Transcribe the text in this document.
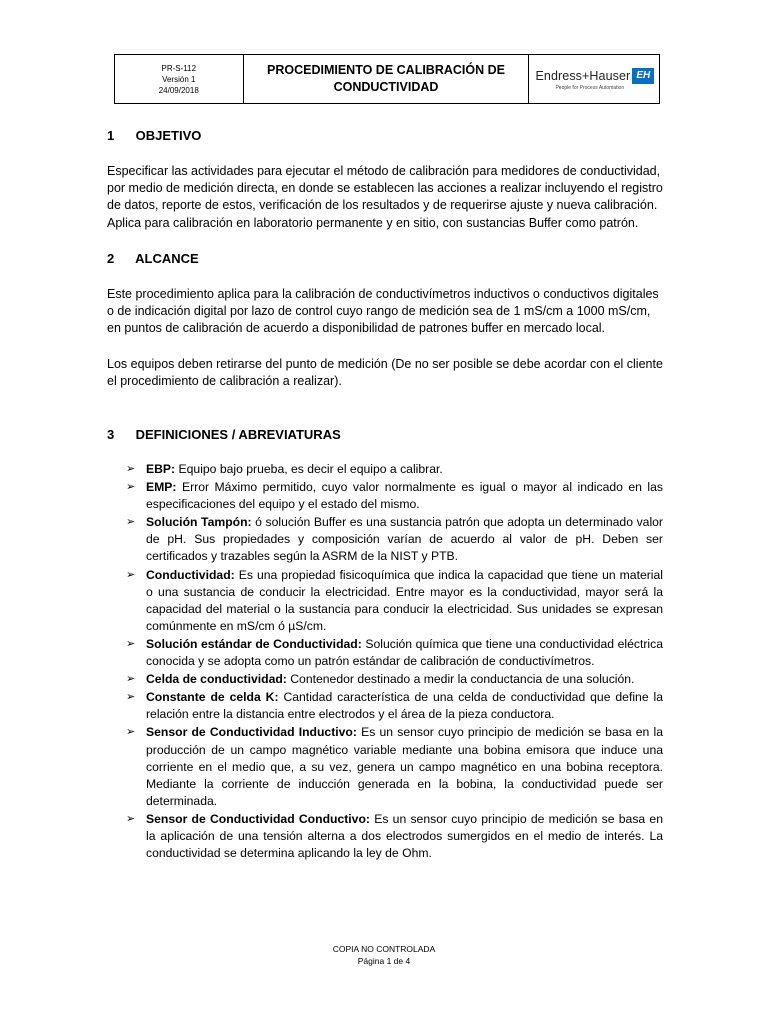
PR-S-112
Versión 1
24/09/2018
PROCEDIMIENTO DE CALIBRACIÓN DE
CONDUCTIVIDAD
Endress+Hauser EH
People for Process Automation
1 OBJETIVO
Especificar las actividades para ejecutar el método de calibración para medidores de conductividad, por medio de medición directa, en donde se establecen las acciones a realizar incluyendo el registro de datos, reporte de estos, verificación de los resultados y de requerirse ajuste y nueva calibración. Aplica para calibración en laboratorio permanente y en sitio, con sustancias Buffer como patrón.
2 ALCANCE
Este procedimiento aplica para la calibración de conductivímetros inductivos o conductivos digitales o de indicación digital por lazo de control cuyo rango de medición sea de 1 mS/cm a 1000 mS/cm, en puntos de calibración de acuerdo a disponibilidad de patrones buffer en mercado local.
Los equipos deben retirarse del punto de medición (De no ser posible se debe acordar con el cliente el procedimiento de calibración a realizar).
3 DEFINICIONES / ABREVIATURAS
➢ EBP: Equipo bajo prueba, es decir el equipo a calibrar.
➢ EMP: Error Máximo permitido, cuyo valor normalmente es igual o mayor al indicado en las especificaciones del equipo y el estado del mismo.
➢ Solución Tampón: ó solución Buffer es una sustancia patrón que adopta un determinado valor de pH. Sus propiedades y composición varían de acuerdo al valor de pH. Deben ser certificados y trazables según la ASRM de la NIST y PTB.
➢ Conductividad: Es una propiedad fisicoquímica que indica la capacidad que tiene un material o una sustancia de conducir la electricidad. Entre mayor es la conductividad, mayor será la capacidad del material o la sustancia para conducir la electricidad. Sus unidades se expresan comúnmente en mS/cm ó µS/cm.
➢ Solución estándar de Conductividad: Solución química que tiene una conductividad eléctrica conocida y se adopta como un patrón estándar de calibración de conductivímetros.
➢ Celda de conductividad: Contenedor destinado a medir la conductancia de una solución.
➢ Constante de celda K: Cantidad característica de una celda de conductividad que define la relación entre la distancia entre electrodos y el área de la pieza conductora.
➢ Sensor de Conductividad Inductivo: Es un sensor cuyo principio de medición se basa en la producción de un campo magnético variable mediante una bobina emisora que induce una corriente en el medio que, a su vez, genera un campo magnético en una bobina receptora. Mediante la corriente de inducción generada en la bobina, la conductividad puede ser determinada.
➢ Sensor de Conductividad Conductivo: Es un sensor cuyo principio de medición se basa en la aplicación de una tensión alterna a dos electrodos sumergidos en el medio de interés. La conductividad se determina aplicando la ley de Ohm.
COPIA NO CONTROLADA
Página 1 de 4
